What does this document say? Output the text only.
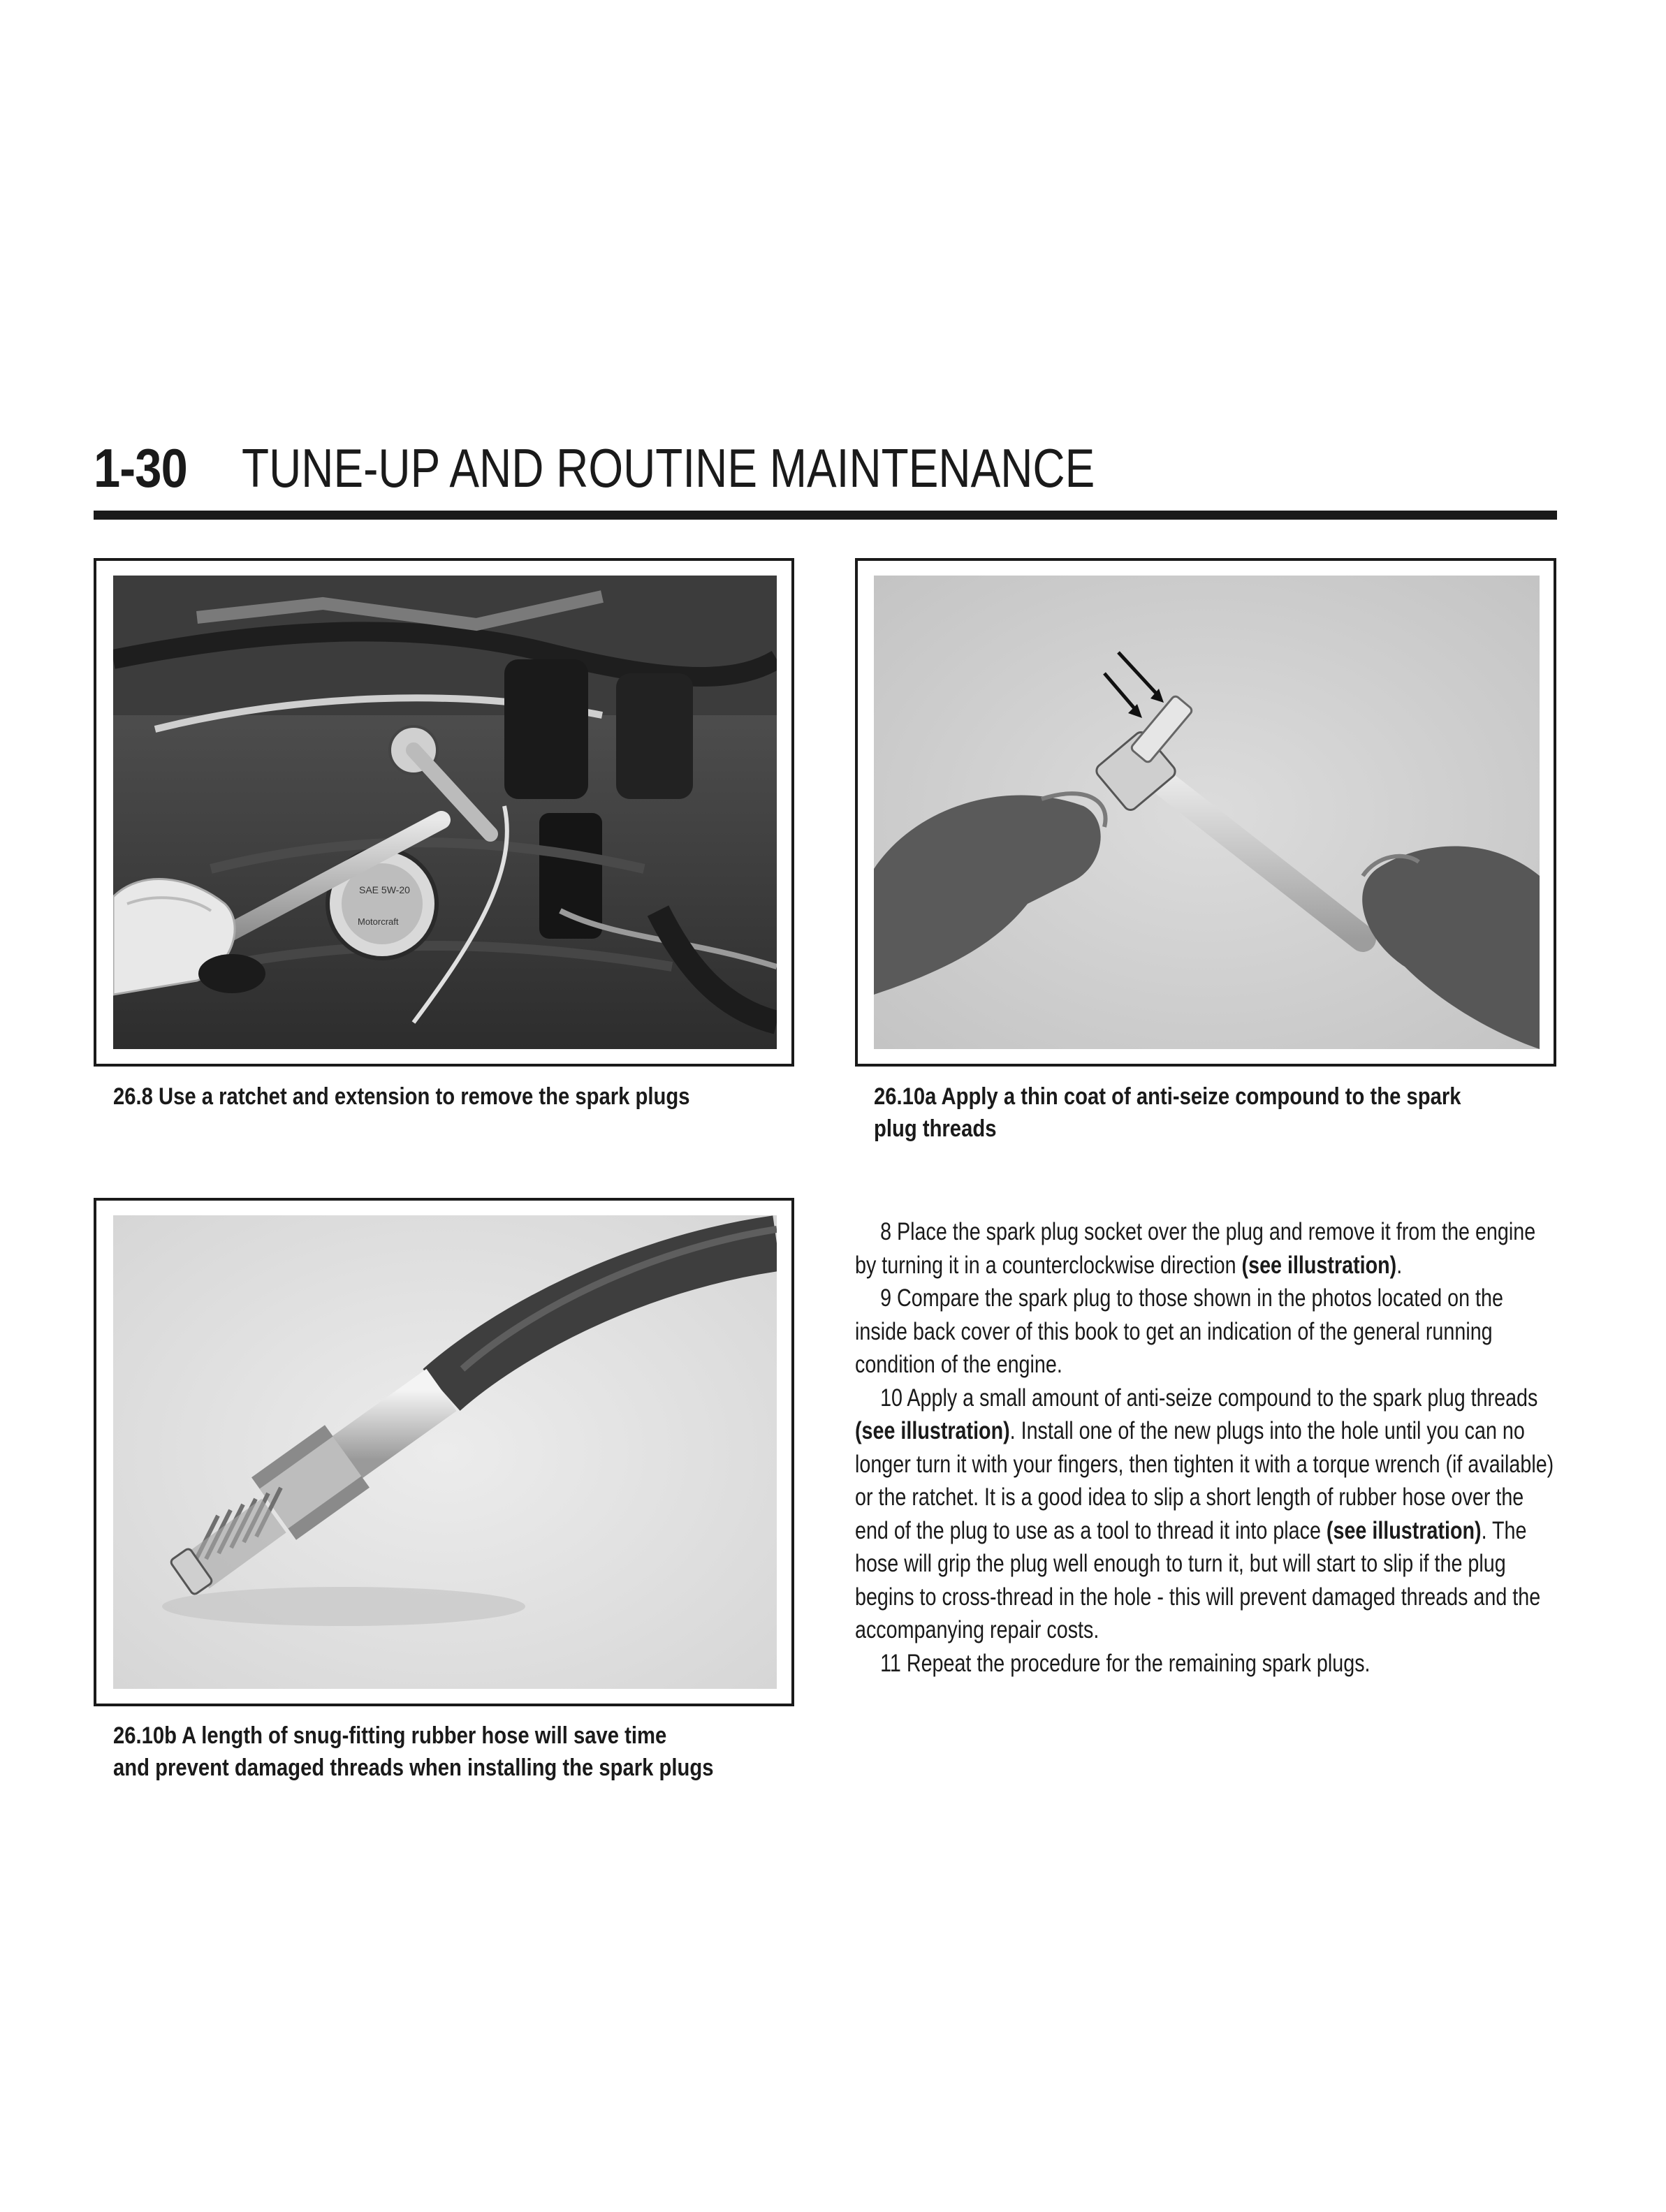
1-30 TUNE-UP AND ROUTINE MAINTENANCE
SAE 5W-20
Motorcraft
26.8 Use a ratchet and extension to remove the spark plugs	26.10a Apply a thin coat of anti-seize compound to the spark
plug threads
26.10b A length of snug-fitting rubber hose will save time
and prevent damaged threads when installing the spark plugs

8 Place the spark plug socket over the plug and remove it from the engine by turning it in a counterclockwise direction (see illustration).

9 Compare the spark plug to those shown in the photos located on the inside back cover of this book to get an indication of the general running condition of the engine.

10 Apply a small amount of anti-seize compound to the spark plug threads (see illustration). Install one of the new plugs into the hole until you can no longer turn it with your fingers, then tighten it with a torque wrench (if available) or the ratchet. It is a good idea to slip a short length of rubber hose over the end of the plug to use as a tool to thread it into place (see illustration). The hose will grip the plug well enough to turn it, but will start to slip if the plug begins to cross-thread in the hole - this will prevent damaged threads and the accompanying repair costs.

11 Repeat the procedure for the remaining spark plugs.
